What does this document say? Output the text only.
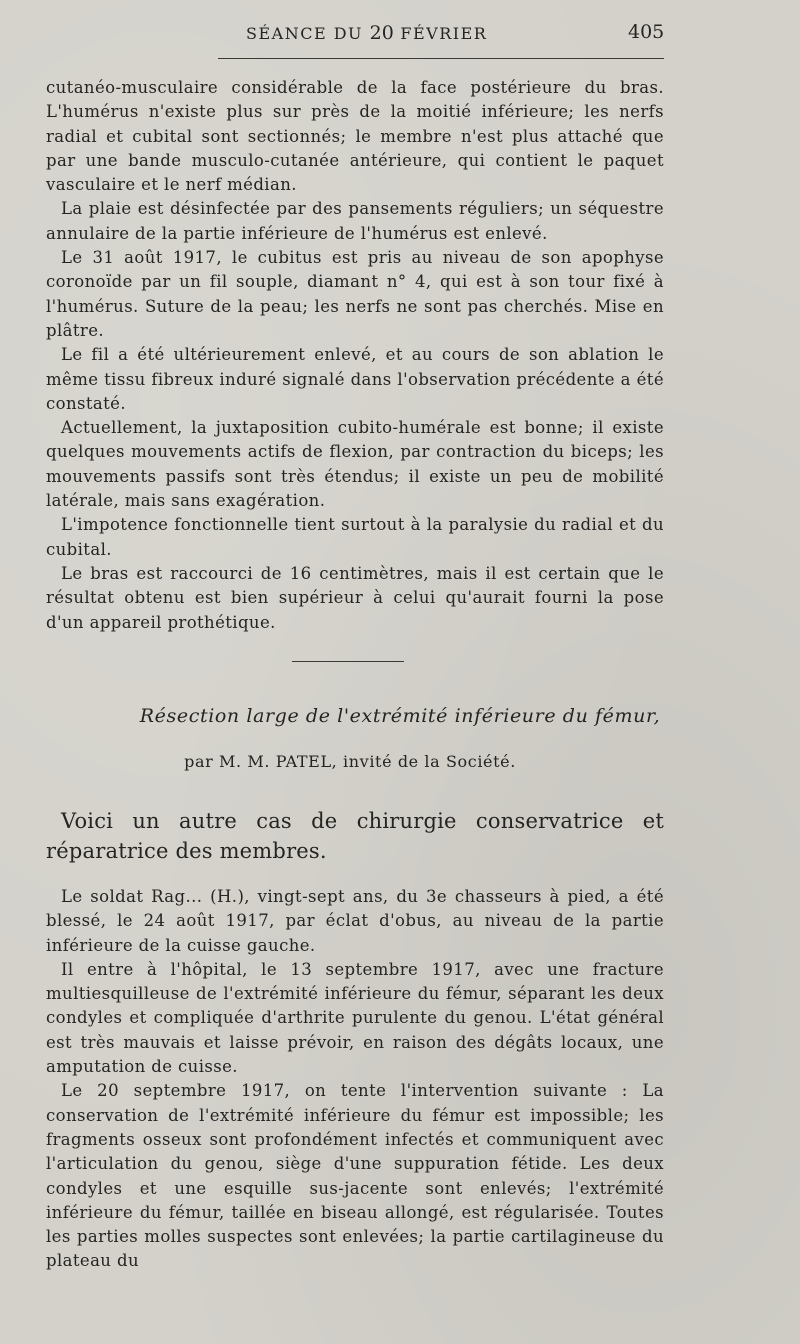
SÉANCE DU 20 FÉVRIER	405

cutanéo-musculaire considérable de la face postérieure du bras. L'humérus n'existe plus sur près de la moitié inférieure; les nerfs radial et cubital sont sectionnés; le membre n'est plus attaché que par une bande musculo-cutanée antérieure, qui contient le paquet vasculaire et le nerf médian.

La plaie est désinfectée par des pansements réguliers; un séquestre annulaire de la partie inférieure de l'humérus est enlevé.

Le 31 août 1917, le cubitus est pris au niveau de son apophyse coronoïde par un fil souple, diamant n° 4, qui est à son tour fixé à l'humérus. Suture de la peau; les nerfs ne sont pas cherchés. Mise en plâtre.

Le fil a été ultérieurement enlevé, et au cours de son ablation le même tissu fibreux induré signalé dans l'observation précédente a été constaté.

Actuellement, la juxtaposition cubito-humérale est bonne; il existe quelques mouvements actifs de flexion, par contraction du biceps; les mouvements passifs sont très étendus; il existe un peu de mobilité latérale, mais sans exagération.

L'impotence fonctionnelle tient surtout à la paralysie du radial et du cubital.

Le bras est raccourci de 16 centimètres, mais il est certain que le résultat obtenu est bien supérieur à celui qu'aurait fourni la pose d'un appareil prothétique.

Résection large de l'extrémité inférieure du fémur,
par M. M. PATEL, invité de la Société.

Voici un autre cas de chirurgie conservatrice et réparatrice des membres.

Le soldat Rag... (H.), vingt-sept ans, du 3e chasseurs à pied, a été blessé, le 24 août 1917, par éclat d'obus, au niveau de la partie inférieure de la cuisse gauche.

Il entre à l'hôpital, le 13 septembre 1917, avec une fracture multiesquilleuse de l'extrémité inférieure du fémur, séparant les deux condyles et compliquée d'arthrite purulente du genou. L'état général est très mauvais et laisse prévoir, en raison des dégâts locaux, une amputation de cuisse.

Le 20 septembre 1917, on tente l'intervention suivante : La conservation de l'extrémité inférieure du fémur est impossible; les fragments osseux sont profondément infectés et communiquent avec l'articulation du genou, siège d'une suppuration fétide. Les deux condyles et une esquille sus-jacente sont enlevés; l'extrémité inférieure du fémur, taillée en biseau allongé, est régularisée. Toutes les parties molles suspectes sont enlevées; la partie cartilagineuse du plateau du
